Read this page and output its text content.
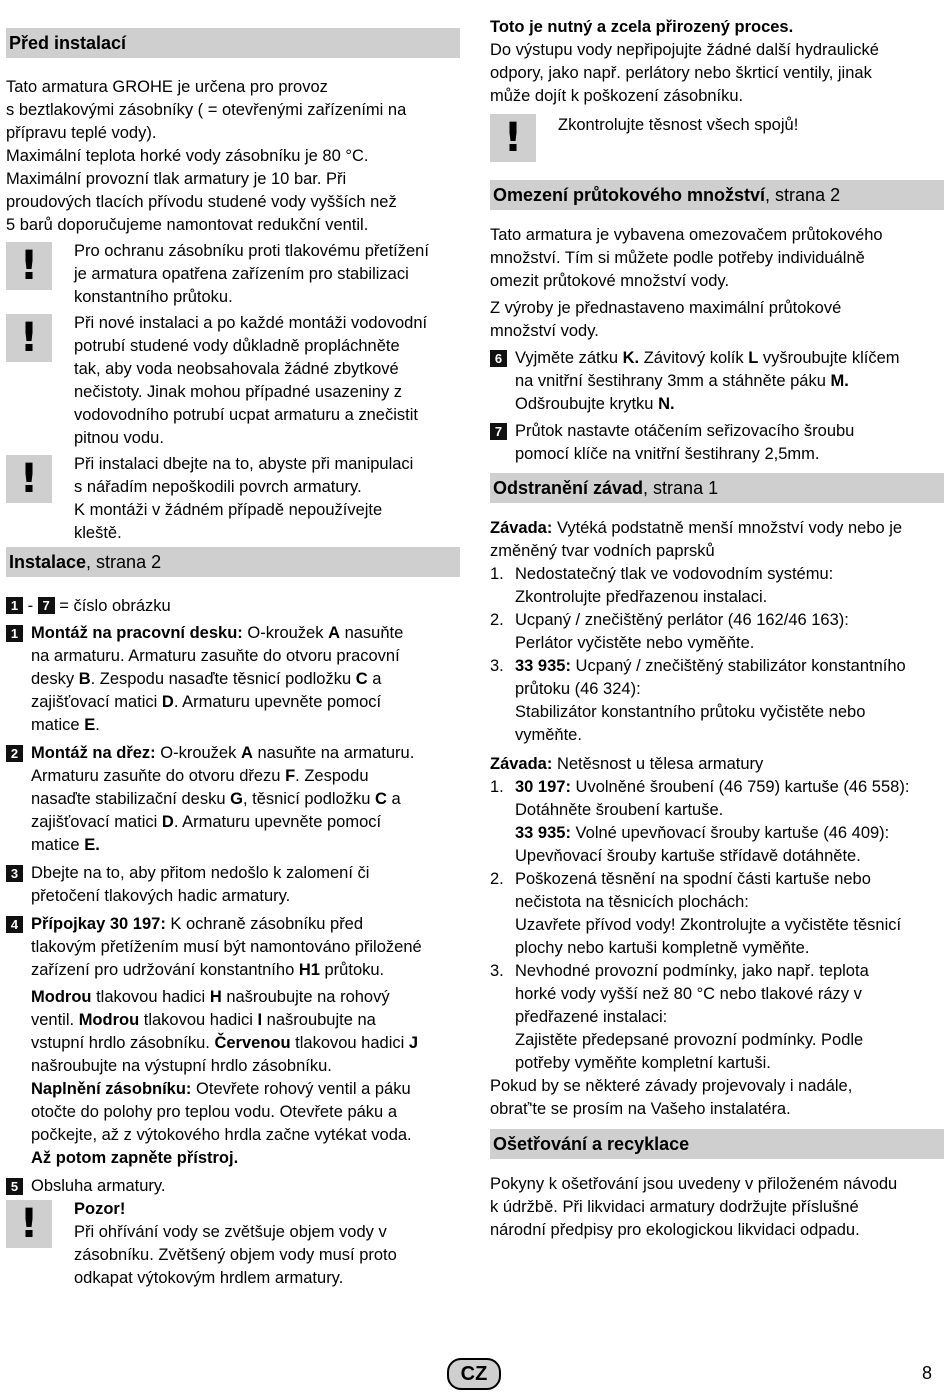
Před instalací

Tato armatura GROHE je určena pro provoz
s beztlakovými zásobníky ( = otevřenými zařízeními na
přípravu teplé vody).
Maximální teplota horké vody zásobníku je 80 °C.
Maximální provozní tlak armatury je 10 bar. Při
proudových tlacích přívodu studené vody vyšších než
5 barů doporučujeme namontovat redukční ventil.

!	Pro ochranu zásobníku proti tlakovému přetížení
je armatura opatřena zařízením pro stabilizaci
konstantního průtoku.

!	Při nové instalaci a po každé montáži vodovodní
potrubí studené vody důkladně propláchněte
tak, aby voda neobsahovala žádné zbytkové
nečistoty. Jinak mohou případné usazeniny z
vodovodního potrubí ucpat armaturu a znečistit
pitnou vodu.

!	Při instalaci dbejte na to, abyste při manipulaci
s nářadím nepoškodili povrch armatury.
K montáži v žádném případě nepoužívejte
kleště.

Instalace, strana 2

1 - 7 = číslo obrázku

1 Montáž na pracovní desku: O-kroužek A nasuňte
na armaturu. Armaturu zasuňte do otvoru pracovní
desky B. Zespodu nasaďte těsnicí podložku C a
zajišťovací matici D. Armaturu upevněte pomocí
matice E.

2 Montáž na dřez: O-kroužek A nasuňte na armaturu.
Armaturu zasuňte do otvoru dřezu F. Zespodu
nasaďte stabilizační desku G, těsnicí podložku C a
zajišťovací matici D. Armaturu upevněte pomocí
matice E.

3 Dbejte na to, aby přitom nedošlo k zalomení či
přetočení tlakových hadic armatury.

4 Přípojkay 30 197: K ochraně zásobníku před
tlakovým přetížením musí být namontováno přiložené
zařízení pro udržování konstantního H1 průtoku.

Modrou tlakovou hadici H našroubujte na rohový
ventil. Modrou tlakovou hadici I našroubujte na
vstupní hrdlo zásobníku. Červenou tlakovou hadici J
našroubujte na výstupní hrdlo zásobníku.
Naplnění zásobníku: Otevřete rohový ventil a páku
otočte do polohy pro teplou vodu. Otevřete páku a
počkejte, až z výtokového hrdla začne vytékat voda.
Až potom zapněte přístroj.

5 Obsluha armatury.

!	Pozor!

Při ohřívání vody se zvětšuje objem vody v
zásobníku. Zvětšený objem vody musí proto
odkapat výtokovým hrdlem armatury.

Toto je nutný a zcela přirozený proces.

Do výstupu vody nepřipojujte žádné další hydraulické
odpory, jako např. perlátory nebo škrticí ventily, jinak
může dojít k poškození zásobníku.

!	Zkontrolujte těsnost všech spojů!

Omezení průtokového množství, strana 2

Tato armatura je vybavena omezovačem průtokového
množství. Tím si můžete podle potřeby individuálně
omezit průtokové množství vody.

Z výroby je přednastaveno maximální průtokové
množství vody.

6 Vyjměte zátku K. Závitový kolík L vyšroubujte klíčem
na vnitřní šestihrany 3mm a stáhněte páku M.
Odšroubujte krytku N.

7 Průtok nastavte otáčením seřizovacího šroubu
pomocí klíče na vnitřní šestihrany 2,5mm.

Odstranění závad, strana 1

Závada: Vytéká podstatně menší množství vody nebo je
změněný tvar vodních paprsků

1. Nedostatečný tlak ve vodovodním systému:
Zkontrolujte předřazenou instalaci.

2. Ucpaný / znečištěný perlátor (46 162/46 163):
Perlátor vyčistěte nebo vyměňte.

3. 33 935: Ucpaný / znečištěný stabilizátor konstantního
průtoku (46 324):
Stabilizátor konstantního průtoku vyčistěte nebo
vyměňte.

Závada: Netěsnost u tělesa armatury

1. 30 197: Uvolněné šroubení (46 759) kartuše (46 558):
Dotáhněte šroubení kartuše.
33 935: Volné upevňovací šrouby kartuše (46 409):
Upevňovací šrouby kartuše střídavě dotáhněte.

2. Poškozená těsnění na spodní části kartuše nebo
nečistota na těsnicích plochách:
Uzavřete přívod vody! Zkontrolujte a vyčistěte těsnicí
plochy nebo kartuši kompletně vyměňte.

3. Nevhodné provozní podmínky, jako např. teplota
horké vody vyšší než 80 °C nebo tlakové rázy v
předřazené instalaci:
Zajistěte předepsané provozní podmínky. Podle
potřeby vyměňte kompletní kartuši.

Pokud by se některé závady projevovaly i nadále,
obrať'te se prosím na Vašeho instalatéra.

Ošetřování a recyklace

Pokyny k ošetřování jsou uvedeny v přiloženém návodu
k údržbě. Při likvidaci armatury dodržujte příslušné
národní předpisy pro ekologickou likvidaci odpadu.

CZ	8
